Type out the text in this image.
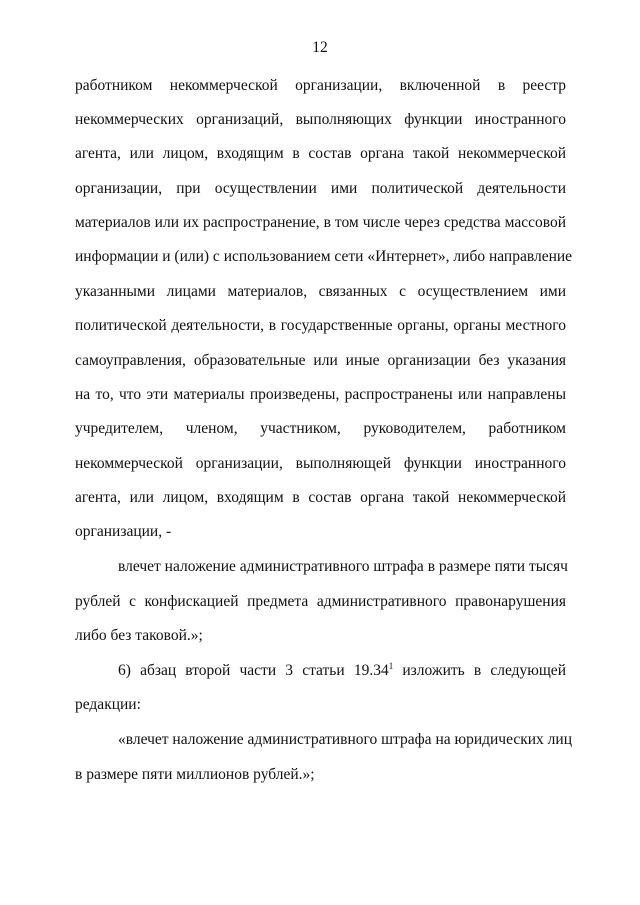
12
работником некоммерческой организации, включенной в реестр
некоммерческих организаций, выполняющих функции иностранного
агента, или лицом, входящим в состав органа такой некоммерческой
организации, при осуществлении ими политической деятельности
материалов или их распространение, в том числе через средства массовой
информации и (или) с использованием сети «Интернет», либо направление
указанными лицами материалов, связанных с осуществлением ими
политической деятельности, в государственные органы, органы местного
самоуправления, образовательные или иные организации без указания
на то, что эти материалы произведены, распространены или направлены
учредителем, членом, участником, руководителем, работником
некоммерческой организации, выполняющей функции иностранного
агента, или лицом, входящим в состав органа такой некоммерческой
организации, -
влечет наложение административного штрафа в размере пяти тысяч
рублей с конфискацией предмета административного правонарушения
либо без таковой.»;
6) абзац второй части 3 статьи 19.34$^1$ изложить в следующей
редакции:
«влечет наложение административного штрафа на юридических лиц
в размере пяти миллионов рублей.»;
